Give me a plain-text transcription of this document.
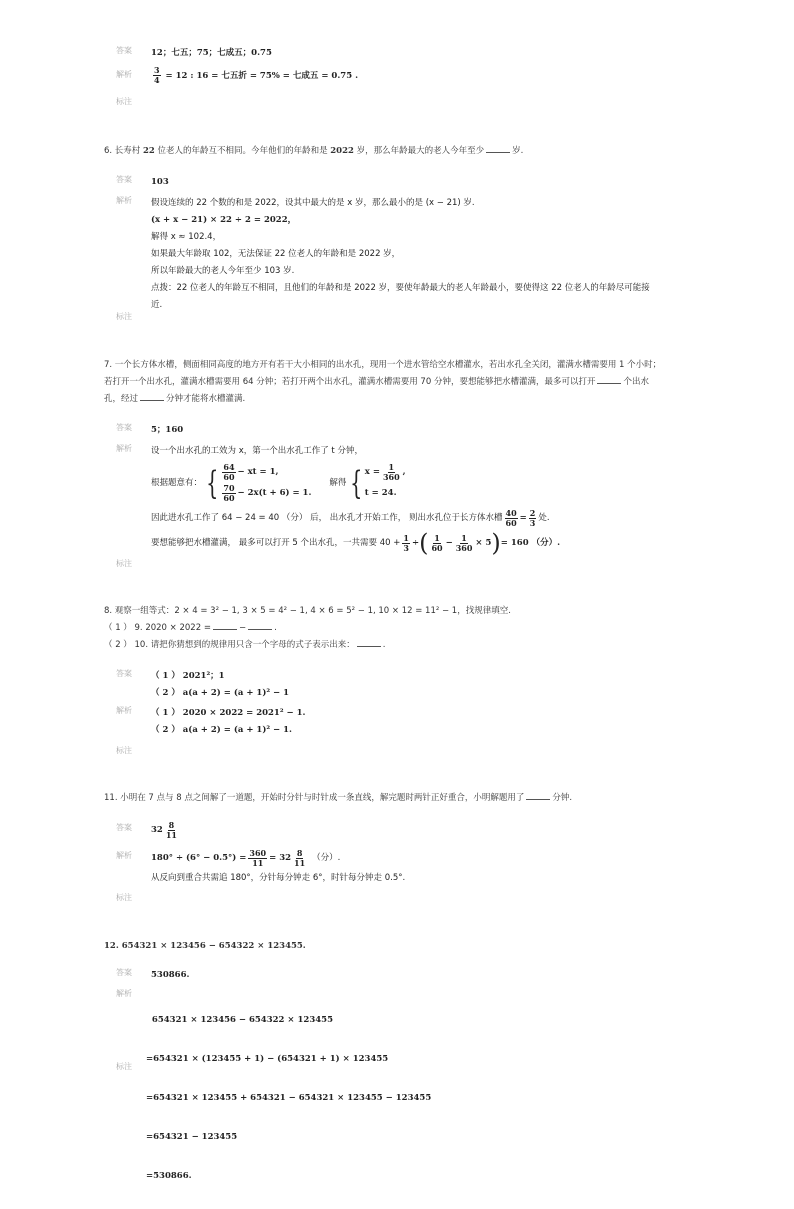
答案	12；七五；75；七成五；0.75
解析	$\frac{3}{4} = 12$ : 16 = 七五折 = 75% = 七成五 = 0.75 .
标注
6. 长寿村 22 位老人的年龄互不相同。今年他们的年龄和是 2022 岁，那么年龄最大的老人今年至少	岁.
答案	103
解析	假设连续的 22 个数的和是 2022，设其中最大的是 x 岁，那么最小的是 (x − 21) 岁.
(x + x − 21) × 22 ÷ 2 = 2022，
解得 x ≈ 102.4，
如果最大年龄取 102，无法保证 22 位老人的年龄和是 2022 岁，
所以年龄最大的老人今年至少 103 岁.
点拨：22 位老人的年龄互不相同，且他们的年龄和是 2022 岁，要使年龄最大的老人年龄最小，要使得这 22 位老人的年龄尽可能接
近.
标注
7. 一个长方体水槽，侧面相同高度的地方开有若干大小相同的出水孔，现用一个进水管给空水槽灌水，若出水孔全关闭，灌满水槽需要用 1 个小时；
若打开一个出水孔，灌满水槽需要用 64 分钟；若打开两个出水孔，灌满水槽需要用 70 分钟，要想能够把水槽灌满，最多可以打开	个出水
孔，经过	分钟才能将水槽灌满.
答案	5；160
解析	设一个出水孔的工效为 x，第一个出水孔工作了 t 分钟，
根据题意有： { $\frac{64}{60}$ − xt = 1,
$\frac{70}{60} - 2x(t + 6) = 1$.
解得 { $x = \frac{1}{360}$ ,
t = 24.
因此进水孔工作了 64 − 24 = 40 （分） 后， 出水孔才开始工作， 则出水孔位于长方体水槽 $\frac{40}{60} = \frac{2}{3}$ 处.
要想能够把水槽灌满， 最多可以打开 5 个出水孔，一共需要 $40 + \frac{1}{3}$ ÷ ( $\frac{1}{60} - \frac{1}{360} \times 5$ ) = 160 （分）.
标注
8. 观察一组等式：2 × 4 = 3² − 1, 3 × 5 = 4² − 1, 4 × 6 = 5² − 1, 10 × 12 = 11² − 1，找规律填空.
（ 1 ） 9. 2020 × 2022 =	−	.
（ 2 ） 10. 请把你猜想到的规律用只含一个字母的式子表示出来：	.
答案	（ 1 ） 2021²；1
（ 2 ） a(a + 2) = (a + 1)² − 1
解析	（ 1 ） 2020 × 2022 = 2021² − 1.
（ 2 ） a(a + 2) = (a + 1)² − 1.
标注
11. 小明在 7 点与 8 点之间解了一道题，开始时分针与时针成一条直线，解完题时两针正好重合，小明解题用了	分钟.
答案	$32 \frac{8}{11}$
解析	$180^\circ \div (6^\circ - 0.5^\circ) = \frac{360}{11} = 32 \frac{8}{11}$ （分）.
从反向到重合共需追 180°，分针每分钟走 6°，时针每分钟走 0.5°.
标注
12. 654321 × 123456 − 654322 × 123455.
答案	530866.
解析

654321 × 123456 − 654322 × 123455

=654321 × (123455 + 1) − (654321 + 1) × 123455

=654321 × 123455 + 654321 − 654321 × 123455 − 123455

=654321 − 123455

=530866.

标注
